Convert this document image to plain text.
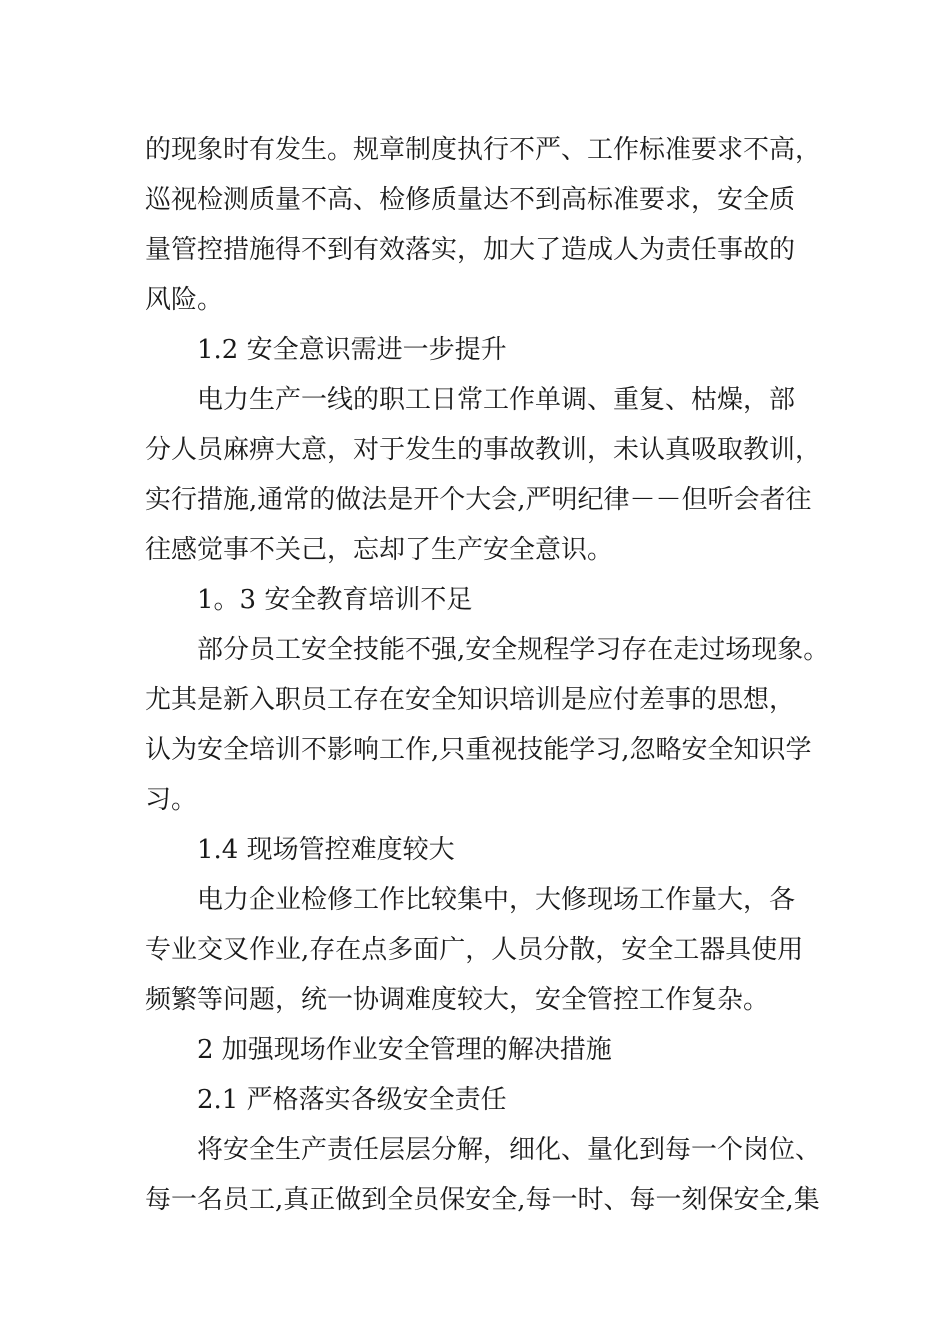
的现象时有发生。规章制度执行不严、工作标准要求不高，
巡视检测质量不高、检修质量达不到高标准要求，安全质
量管控措施得不到有效落实，加大了造成人为责任事故的
风险。
1.2 安全意识需进一步提升
电力生产一线的职工日常工作单调、重复、枯燥，部
分人员麻痹大意，对于发生的事故教训，未认真吸取教训，
实行措施,通常的做法是开个大会,严明纪律－－但听会者往
往感觉事不关己，忘却了生产安全意识。
1。3 安全教育培训不足
部分员工安全技能不强,安全规程学习存在走过场现象。
尤其是新入职员工存在安全知识培训是应付差事的思想，
认为安全培训不影响工作,只重视技能学习,忽略安全知识学
习。
1.4 现场管控难度较大
电力企业检修工作比较集中，大修现场工作量大，各
专业交叉作业,存在点多面广，人员分散，安全工器具使用
频繁等问题，统一协调难度较大，安全管控工作复杂。
2 加强现场作业安全管理的解决措施
2.1 严格落实各级安全责任
将安全生产责任层层分解，细化、量化到每一个岗位、
每一名员工,真正做到全员保安全,每一时、每一刻保安全,集
